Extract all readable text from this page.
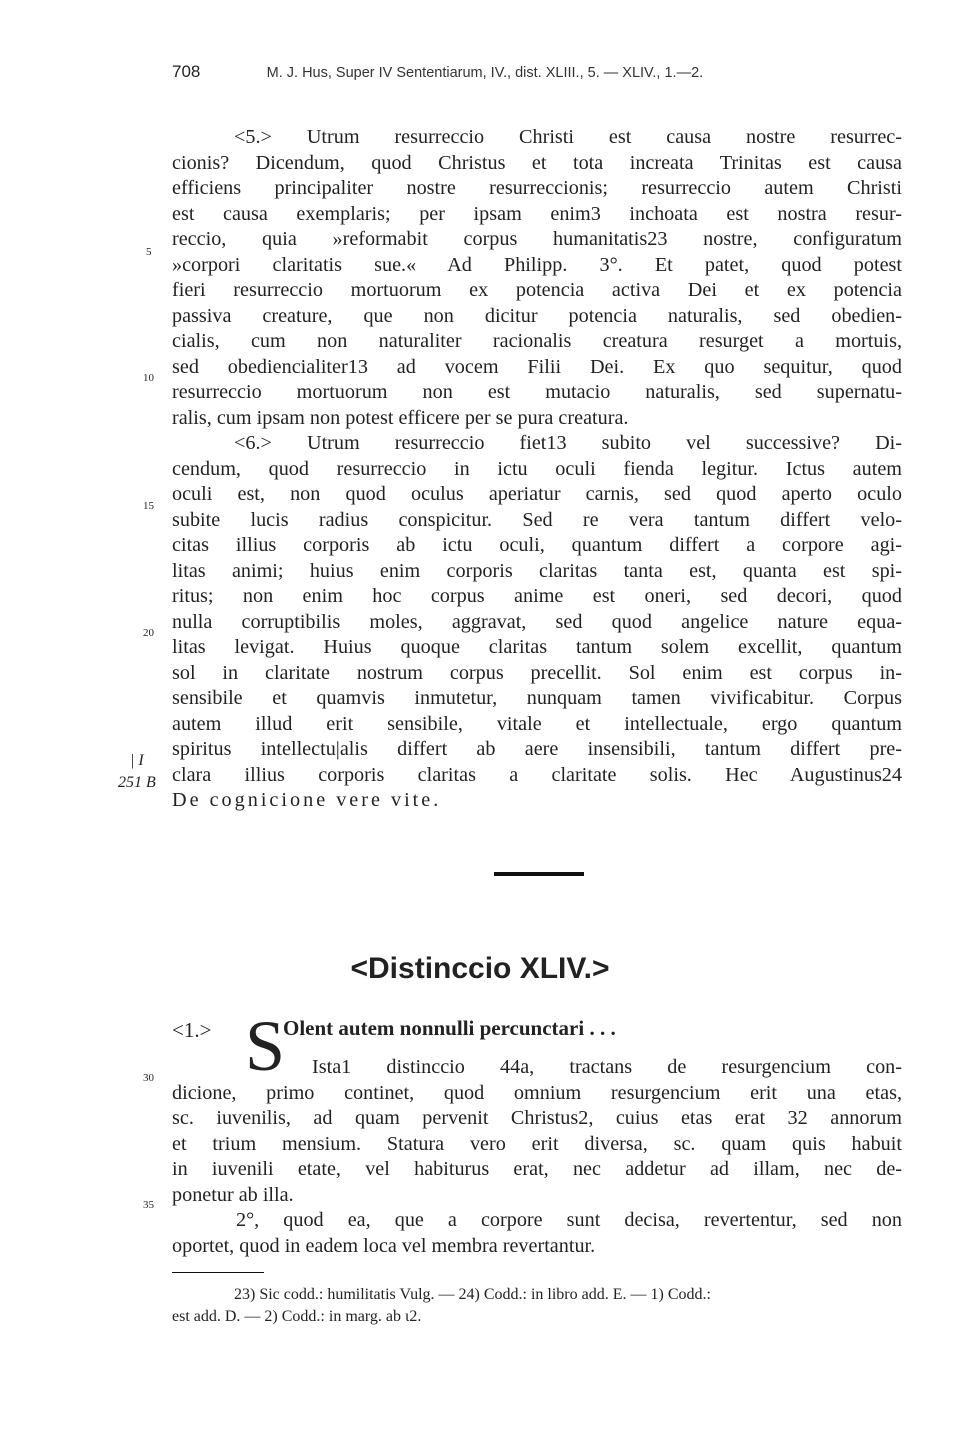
708	M. J. Hus, Super IV Sententiarum, IV., dist. XLIII., 5. — XLIV., 1.—2.
<5.> Utrum resurreccio Christi est causa nostre resurrec-
cionis? Dicendum, quod Christus et tota increata Trinitas est causa
efficiens principaliter nostre resurreccionis; resurreccio autem Christi
est causa exemplaris; per ipsam enim3 inchoata est nostra resur-
reccio, quia »reformabit corpus humanitatis23 nostre, configuratum
»corpori claritatis sue.« Ad Philipp. 3°. Et patet, quod potest
fieri resurreccio mortuorum ex potencia activa Dei et ex potencia
passiva creature, que non dicitur potencia naturalis, sed obedien-
cialis, cum non naturaliter racionalis creatura resurget a mortuis,
sed obediencialiter13 ad vocem Filii Dei. Ex quo sequitur, quod
resurreccio mortuorum non est mutacio naturalis, sed supernatu-
ralis, cum ipsam non potest efficere per se pura creatura.
<6.> Utrum resurreccio fiet13 subito vel successive? Di-
cendum, quod resurreccio in ictu oculi fienda legitur. Ictus autem
oculi est, non quod oculus aperiatur carnis, sed quod aperto oculo
subite lucis radius conspicitur. Sed re vera tantum differt velo-
citas illius corporis ab ictu oculi, quantum differt a corpore agi-
litas animi; huius enim corporis claritas tanta est, quanta est spi-
ritus; non enim hoc corpus anime est oneri, sed decori, quod
nulla corruptibilis moles, aggravat, sed quod angelice nature equa-
litas levigat. Huius quoque claritas tantum solem excellit, quantum
sol in claritate nostrum corpus precellit. Sol enim est corpus in-
sensibile et quamvis inmutetur, nunquam tamen vivificabitur. Corpus
autem illud erit sensibile, vitale et intellectuale, ergo quantum
spiritus intellectu|alis differt ab aere insensibili, tantum differt pre-
clara illius corporis claritas a claritate solis. Hec Augustinus24
De cognicione vere vite.
5
10
15
20
30
35
| I
251 B
<Distinccio XLIV.>
<1.> S
Olent autem nonnulli percunctari . . .
Ista1 distinccio 44a, tractans de resurgencium con-
dicione, primo continet, quod omnium resurgencium erit una etas,
sc. iuvenilis, ad quam pervenit Christus2, cuius etas erat 32 annorum
et trium mensium. Statura vero erit diversa, sc. quam quis habuit
in iuvenili etate, vel habiturus erat, nec addetur ad illam, nec de-
ponetur ab illa.
2°, quod ea, que a corpore sunt decisa, revertentur, sed non
oportet, quod in eadem loca vel membra revertantur.
23) Sic codd.: humilitatis Vulg. — 24) Codd.: in libro add. E. — 1) Codd.:
est add. D. — 2) Codd.: in marg. ab ι2.
